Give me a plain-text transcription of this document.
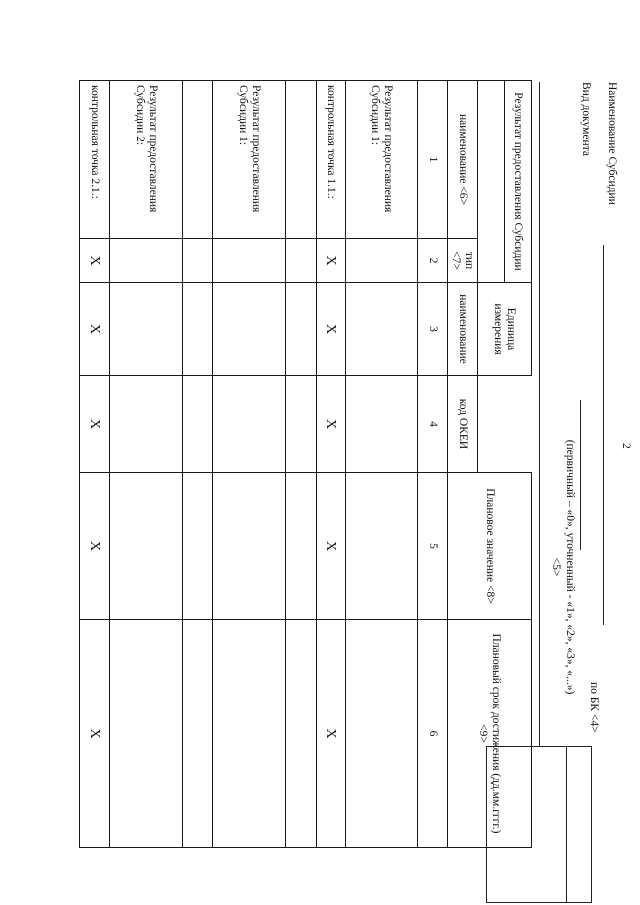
2
Наименование Субсидии
Вид документа
по БК <4>
(первичный – «0», уточненный - «1», «2», «3», «...»)
<5>
Результат предоставления Субсидии		Единица измерения		Плановое значение <8>	Плановый срок достижения (дд.мм.гггг.) <9>

наименование <6>	тип <7>	наименование	код ОКЕИ		
1	2	3	4	5	6
Результат предоставления Субсидии 1:					
контрольная точка 1.1.:	X	X	X	X	X

Результат предоставления Субсидии 1:					

Результат предоставления Субсидии 2:					
контрольная точка 2.1.:	X	X	X	X	X
